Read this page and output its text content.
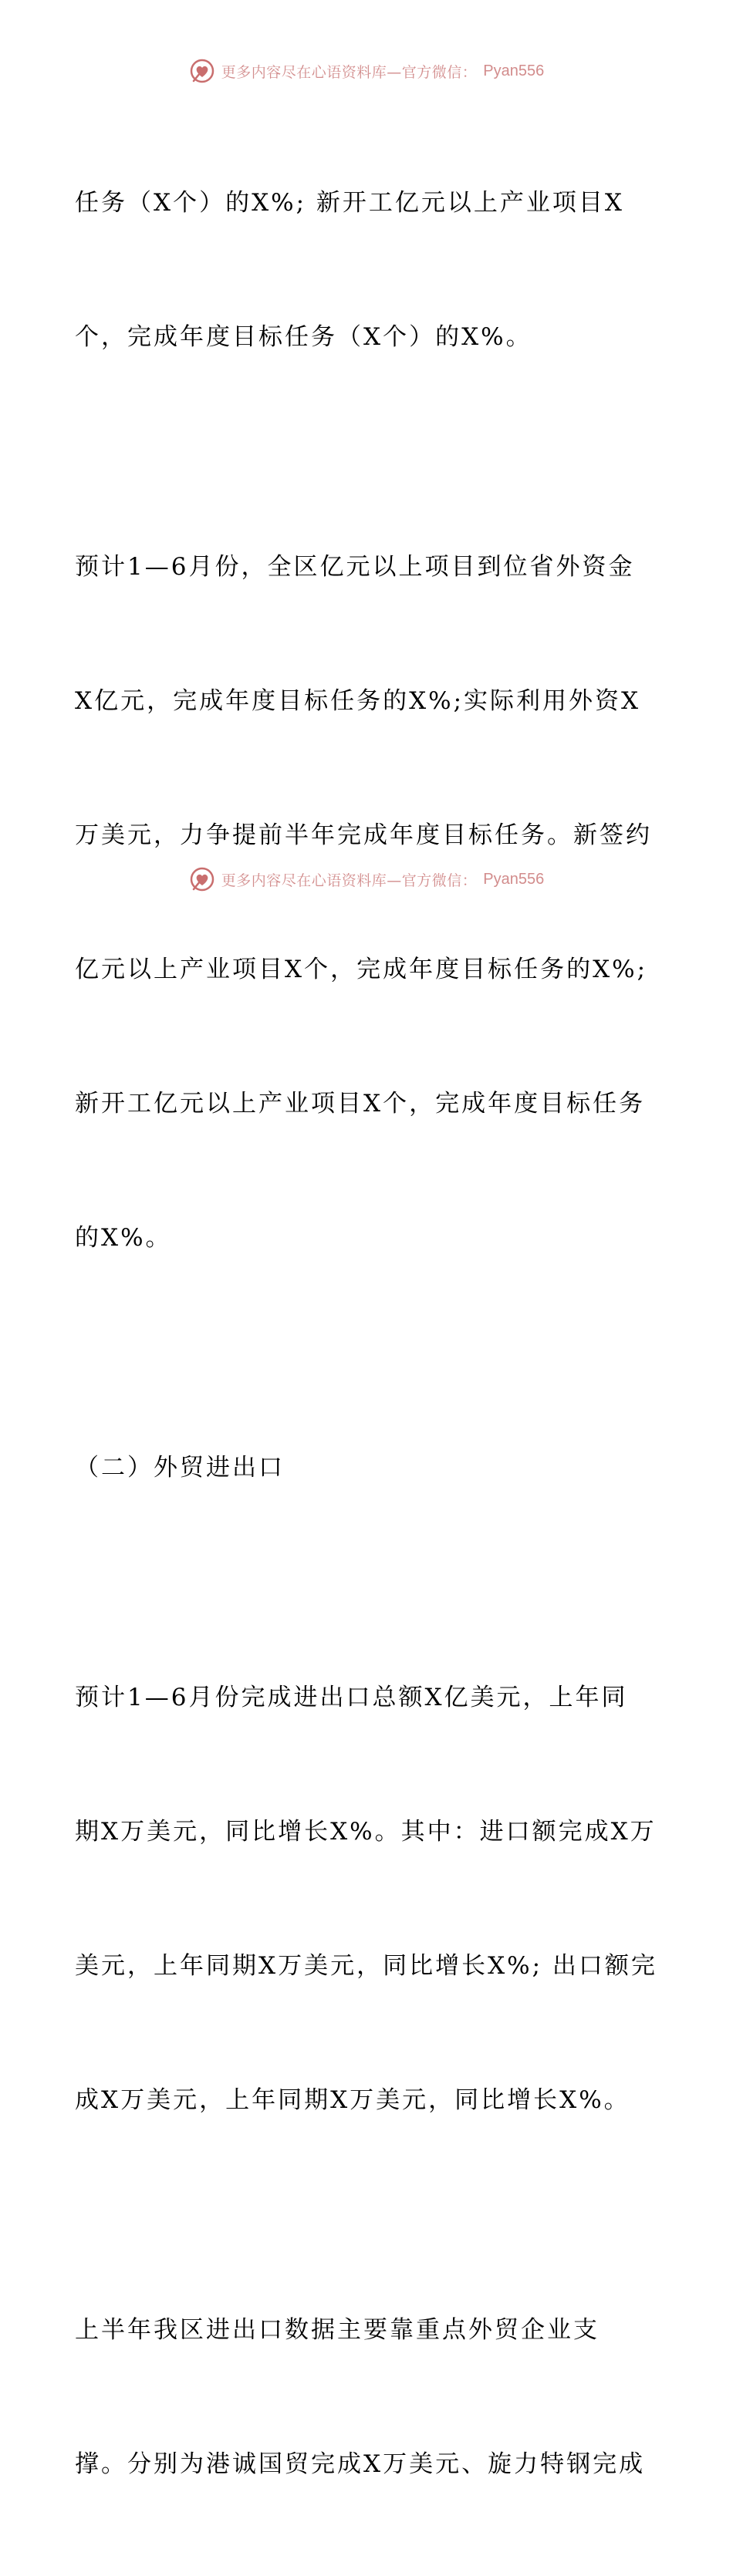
更多内容尽在心语资料库—官方微信： Pyan556

任务（X个）的X%; 新开工亿元以上产业项目X

个，完成年度目标任务（X个）的X%。

预计1—6月份，全区亿元以上项目到位省外资金

X亿元，完成年度目标任务的X%;实际利用外资X

万美元，力争提前半年完成年度目标任务。新签约

亿元以上产业项目X个，完成年度目标任务的X%;

新开工亿元以上产业项目X个，完成年度目标任务

的X%。

（二）外贸进出口

预计1—6月份完成进出口总额X亿美元，上年同

期X万美元，同比增长X%。其中：进口额完成X万

美元，上年同期X万美元，同比增长X%; 出口额完

成X万美元，上年同期X万美元，同比增长X%。

上半年我区进出口数据主要靠重点外贸企业支

撑。分别为港诚国贸完成X万美元、旋力特钢完成

更多内容尽在心语资料库—官方微信： Pyan556
